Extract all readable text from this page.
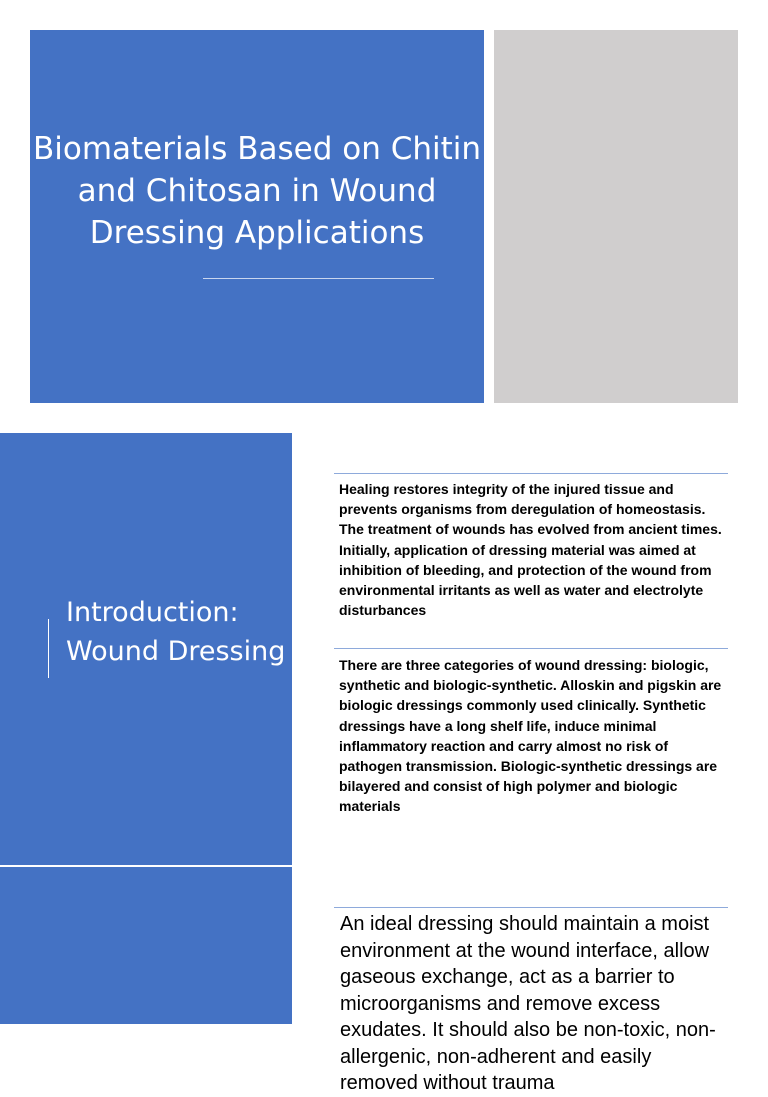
Biomaterials Based on Chitin and Chitosan in Wound Dressing Applications
Introduction: Wound Dressing

Healing restores integrity of the injured tissue and prevents organisms from deregulation of homeostasis. The treatment of wounds has evolved from ancient times. Initially, application of dressing material was aimed at inhibition of bleeding, and protection of the wound from environmental irritants as well as water and electrolyte disturbances

There are three categories of wound dressing: biologic, synthetic and biologic-synthetic. Alloskin and pigskin are biologic dressings commonly used clinically. Synthetic dressings have a long shelf life, induce minimal inflammatory reaction and carry almost no risk of pathogen transmission. Biologic-synthetic dressings are bilayered and consist of high polymer and biologic materials

An ideal dressing should maintain a moist environment at the wound interface, allow gaseous exchange, act as a barrier to microorganisms and remove excess exudates. It should also be non-toxic, non-allergenic, non-adherent and easily removed without trauma
